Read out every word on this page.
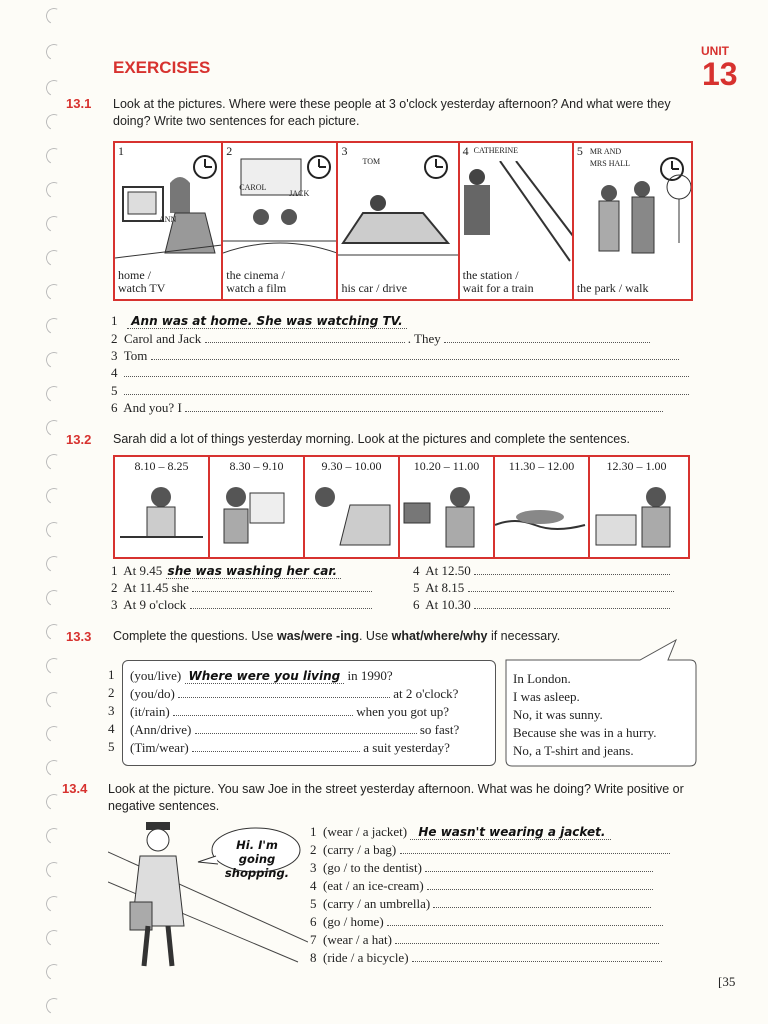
EXERCISES
UNIT
13
13.1 Look at the pictures. Where were these people at 3 o'clock yesterday afternoon? And what were they doing? Write two sentences for each picture.
1
ANN
home /
watch TV
2
CAROL
JACK
the cinema /
watch a film
3
TOM
his car / drive
4 CATHERINE
the station /
wait for a train
5 MR AND
MRS HALL
the park / walk
1 Ann was at home. She was watching TV.
2 Carol and Jack	. They
3 Tom
4
5
6 And you? I
13.2 Sarah did a lot of things yesterday morning. Look at the pictures and complete the sentences.
8.10 – 8.25	8.30 – 9.10	9.30 – 10.00	10.20 – 11.00	11.30 – 12.00	12.30 – 1.00
1 At 9.45 she was washing her car.
2 At 11.45 she
3 At 9 o'clock
4 At 12.50
5 At 8.15
6 At 10.30
13.3 Complete the questions. Use was/were -ing. Use what/where/why if necessary.
1
2
3
4
5
(you/live) Where were you living in 1990?
(you/do)	at 2 o'clock?
(it/rain)	when you got up?
(Ann/drive)	so fast?
(Tim/wear)	a suit yesterday?
In London.
I was asleep.
No, it was sunny.
Because she was in a hurry.
No, a T-shirt and jeans.
13.4 Look at the picture. You saw Joe in the street yesterday afternoon. What was he doing? Write positive or negative sentences.
Hi. I'm going
shopping.
1 (wear / a jacket) He wasn't wearing a jacket.
2 (carry / a bag)
3 (go / to the dentist)
4 (eat / an ice-cream)
5 (carry / an umbrella)
6 (go / home)
7 (wear / a hat)
8 (ride / a bicycle)
[35
